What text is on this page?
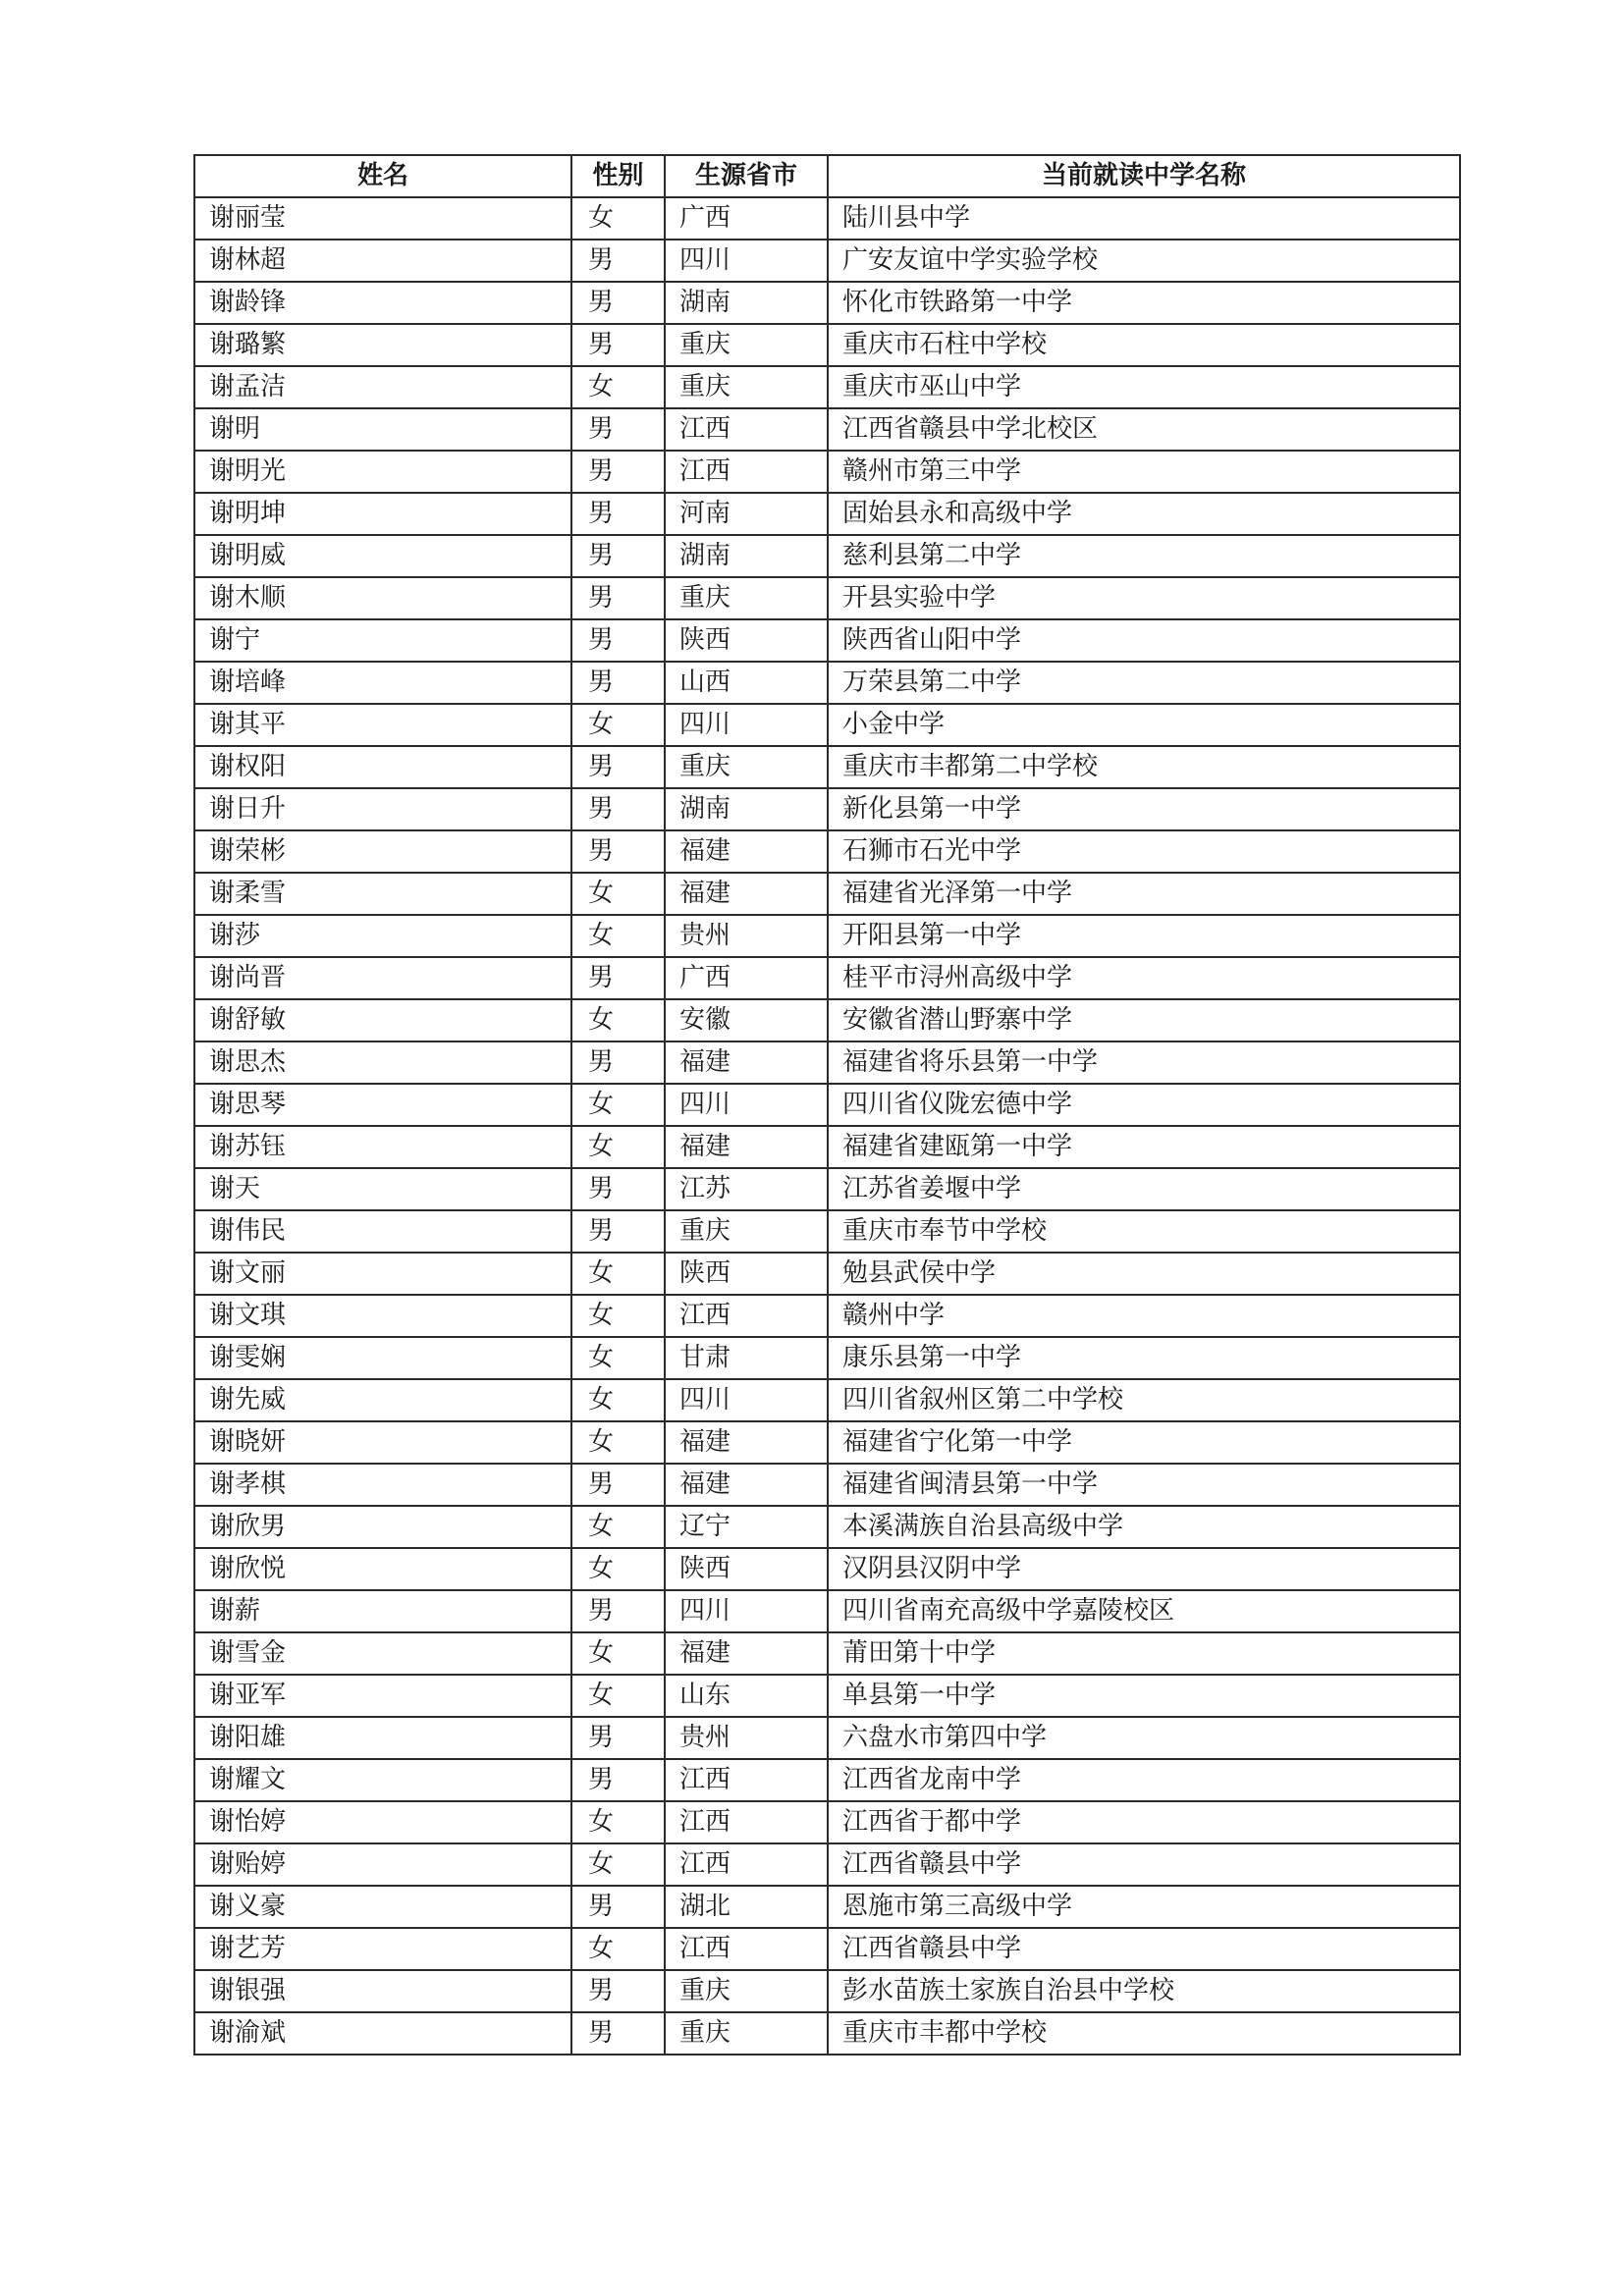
姓名	性别	生源省市	当前就读中学名称
谢丽莹	女	广西	陆川县中学
谢林超	男	四川	广安友谊中学实验学校
谢龄锋	男	湖南	怀化市铁路第一中学
谢璐繁	男	重庆	重庆市石柱中学校
谢孟洁	女	重庆	重庆市巫山中学
谢明	男	江西	江西省赣县中学北校区
谢明光	男	江西	赣州市第三中学
谢明坤	男	河南	固始县永和高级中学
谢明威	男	湖南	慈利县第二中学
谢木顺	男	重庆	开县实验中学
谢宁	男	陕西	陕西省山阳中学
谢培峰	男	山西	万荣县第二中学
谢其平	女	四川	小金中学
谢权阳	男	重庆	重庆市丰都第二中学校
谢日升	男	湖南	新化县第一中学
谢荣彬	男	福建	石狮市石光中学
谢柔雪	女	福建	福建省光泽第一中学
谢莎	女	贵州	开阳县第一中学
谢尚晋	男	广西	桂平市浔州高级中学
谢舒敏	女	安徽	安徽省潜山野寨中学
谢思杰	男	福建	福建省将乐县第一中学
谢思琴	女	四川	四川省仪陇宏德中学
谢苏钰	女	福建	福建省建瓯第一中学
谢天	男	江苏	江苏省姜堰中学
谢伟民	男	重庆	重庆市奉节中学校
谢文丽	女	陕西	勉县武侯中学
谢文琪	女	江西	赣州中学
谢雯娴	女	甘肃	康乐县第一中学
谢先威	女	四川	四川省叙州区第二中学校
谢晓妍	女	福建	福建省宁化第一中学
谢孝棋	男	福建	福建省闽清县第一中学
谢欣男	女	辽宁	本溪满族自治县高级中学
谢欣悦	女	陕西	汉阴县汉阴中学
谢薪	男	四川	四川省南充高级中学嘉陵校区
谢雪金	女	福建	莆田第十中学
谢亚军	女	山东	单县第一中学
谢阳雄	男	贵州	六盘水市第四中学
谢耀文	男	江西	江西省龙南中学
谢怡婷	女	江西	江西省于都中学
谢贻婷	女	江西	江西省赣县中学
谢义豪	男	湖北	恩施市第三高级中学
谢艺芳	女	江西	江西省赣县中学
谢银强	男	重庆	彭水苗族土家族自治县中学校
谢渝斌	男	重庆	重庆市丰都中学校
